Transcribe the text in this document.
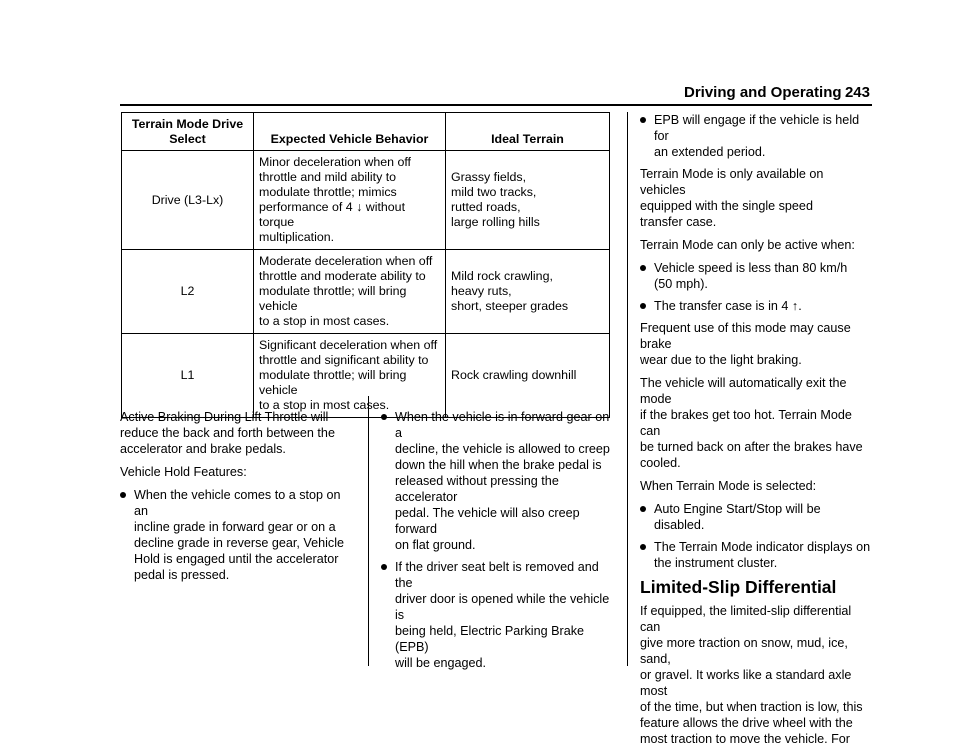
Driving and Operating 243
Terrain Mode Drive
Select	Expected Vehicle Behavior	Ideal Terrain
Drive (L3-Lx)	Minor deceleration when off
throttle and mild ability to
modulate throttle; mimics
performance of 4 ↓ without torque
multiplication.	Grassy fields,
mild two tracks,
rutted roads,
large rolling hills

L2	Moderate deceleration when off
throttle and moderate ability to
modulate throttle; will bring vehicle
to a stop in most cases.	Mild rock crawling,
heavy ruts,
short, steeper grades

L1	Significant deceleration when off
throttle and significant ability to
modulate throttle; will bring vehicle
to a stop in most cases.	Rock crawling downhill

Active Braking During Lift Throttle will
reduce the back and forth between the
accelerator and brake pedals.

Vehicle Hold Features:

When the vehicle comes to a stop on an
incline grade in forward gear or on a
decline grade in reverse gear, Vehicle
Hold is engaged until the accelerator
pedal is pressed.
When the vehicle is in forward gear on a
decline, the vehicle is allowed to creep
down the hill when the brake pedal is
released without pressing the accelerator
pedal. The vehicle will also creep forward
on flat ground.
If the driver seat belt is removed and the
driver door is opened while the vehicle is
being held, Electric Parking Brake (EPB)
will be engaged.
EPB will engage if the vehicle is held for
an extended period.

Terrain Mode is only available on vehicles
equipped with the single speed
transfer case.

Terrain Mode can only be active when:

Vehicle speed is less than 80 km/h
(50 mph).
The transfer case is in 4 ↑.

Frequent use of this mode may cause brake
wear due to the light braking.

The vehicle will automatically exit the mode
if the brakes get too hot. Terrain Mode can
be turned back on after the brakes have
cooled.

When Terrain Mode is selected:

Auto Engine Start/Stop will be disabled.
The Terrain Mode indicator displays on
the instrument cluster.

Limited-Slip Differential

If equipped, the limited-slip differential can
give more traction on snow, mud, ice, sand,
or gravel. It works like a standard axle most
of the time, but when traction is low, this
feature allows the drive wheel with the
most traction to move the vehicle. For
